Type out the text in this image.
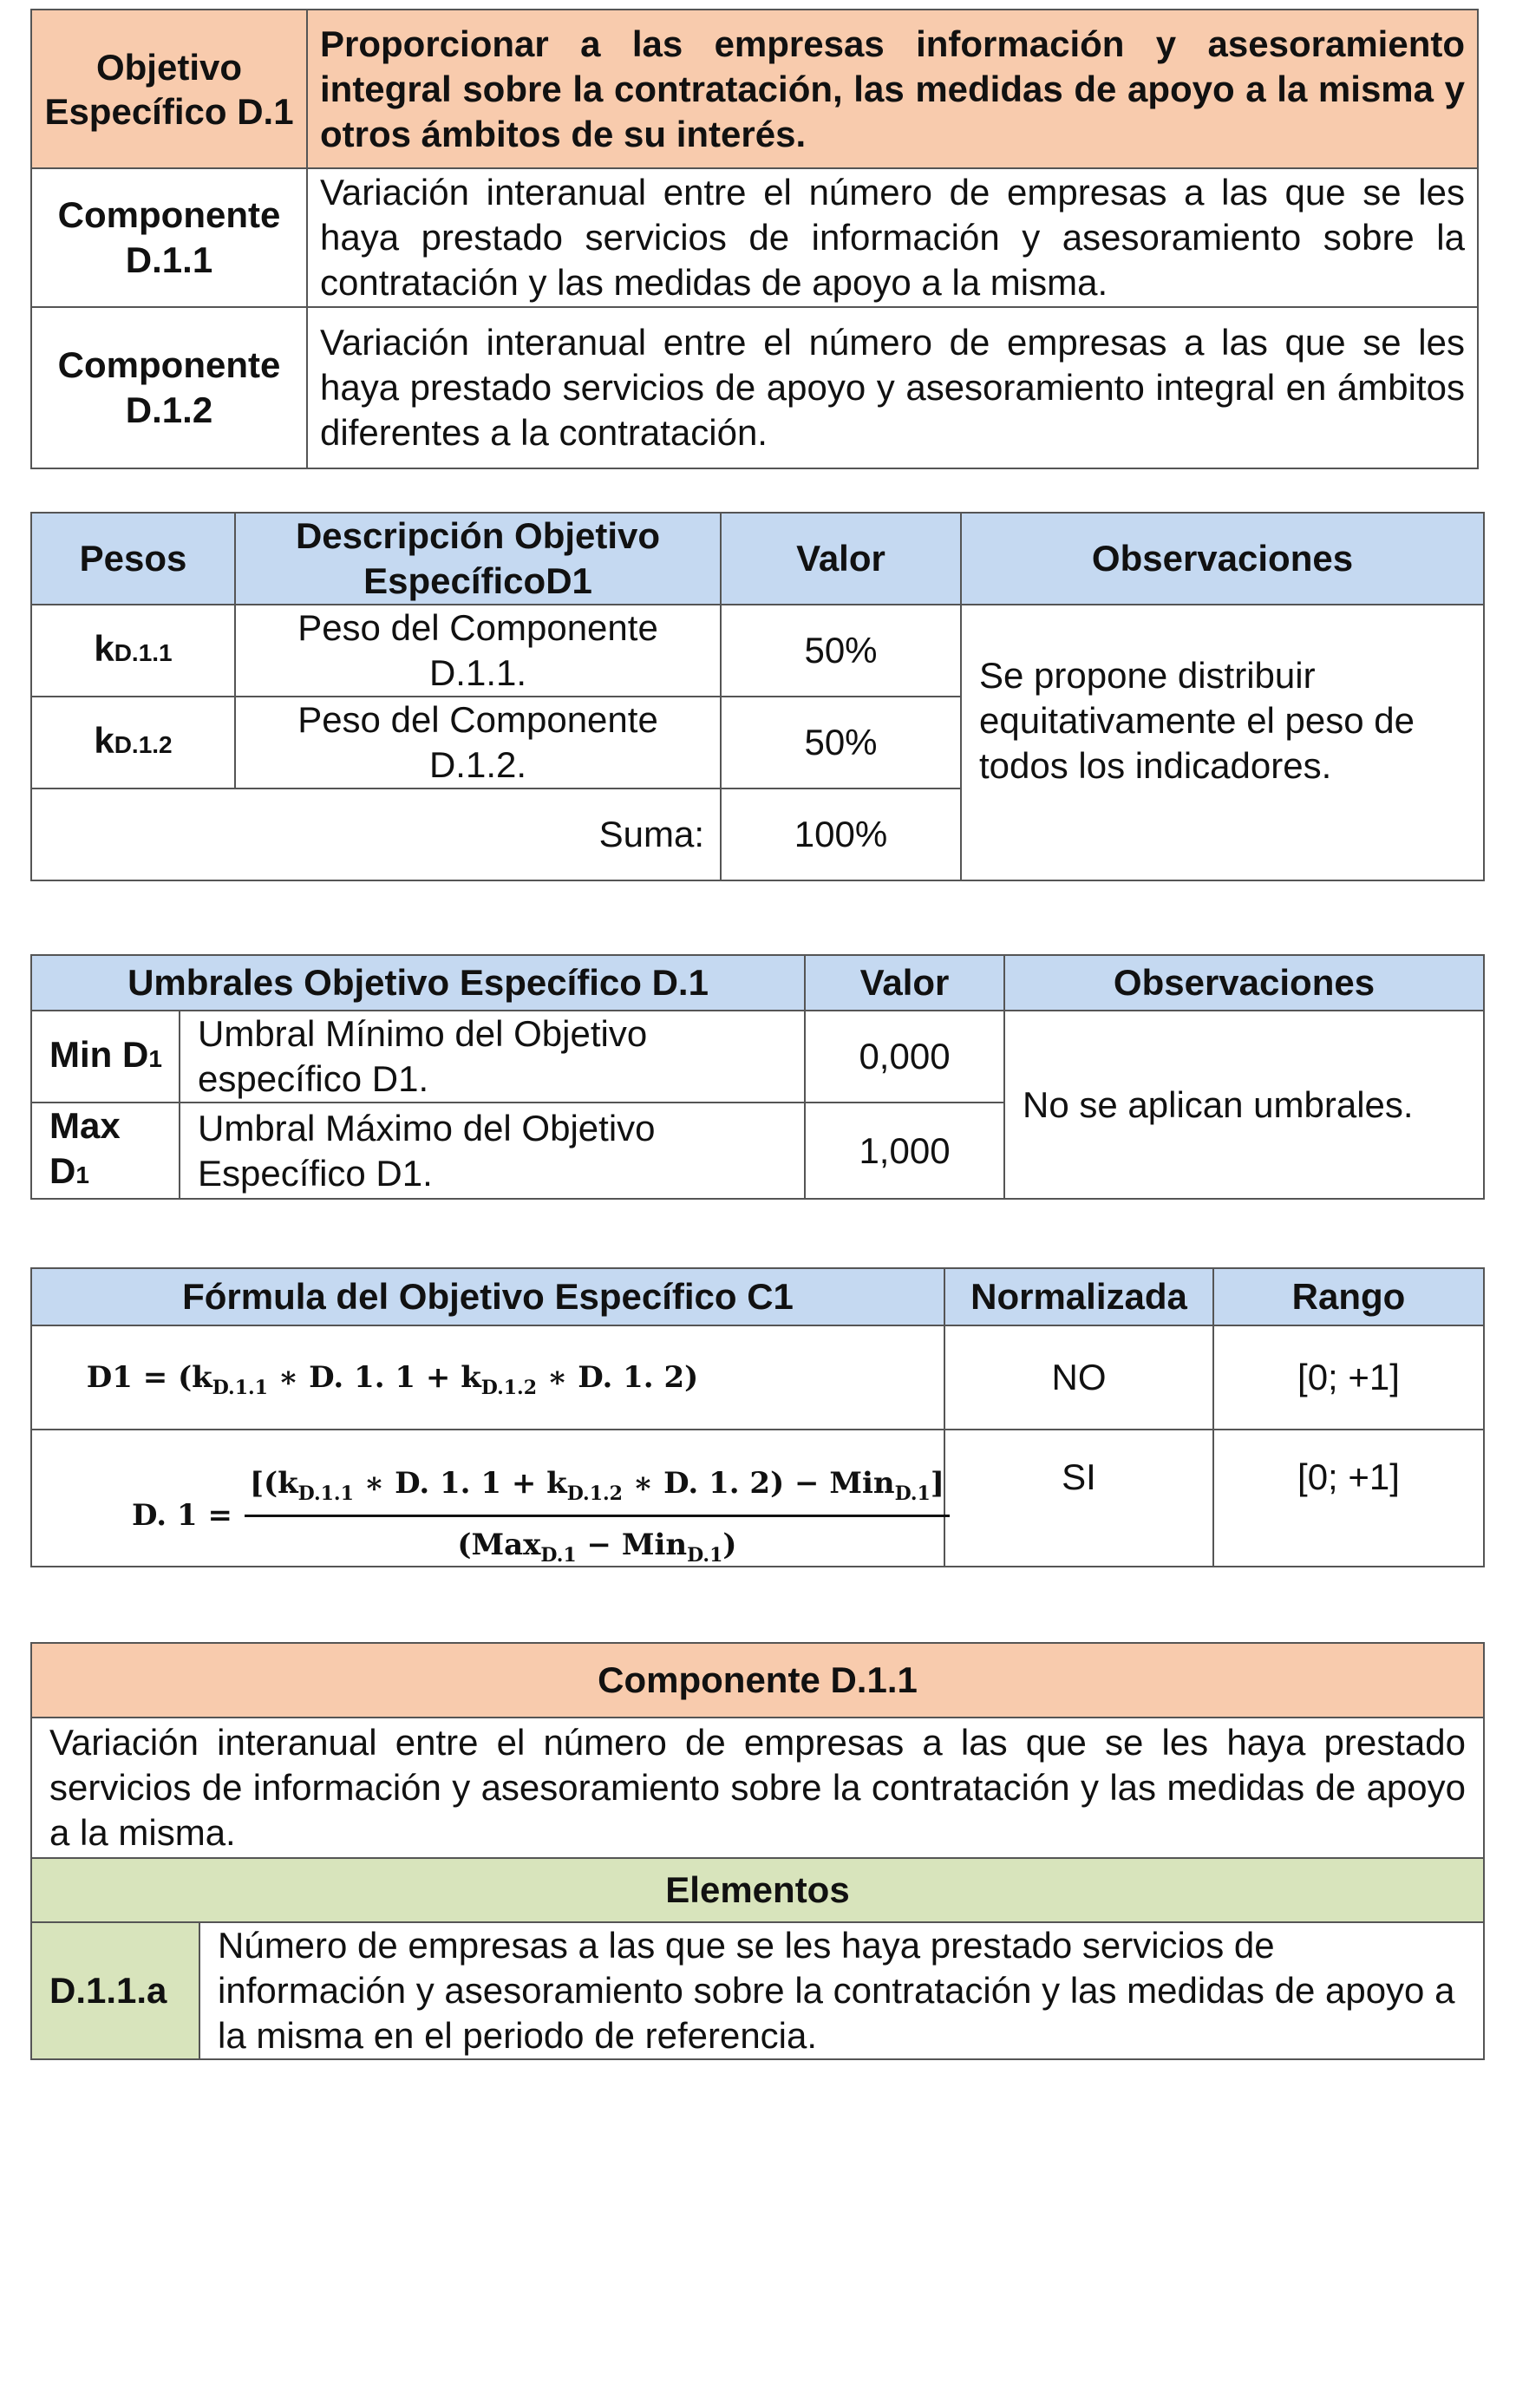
Objetivo Específico D.1	Proporcionar a las empresas información y asesoramiento integral sobre la contratación, las medidas de apoyo a la misma y otros ámbitos de su interés.
Componente D.1.1	Variación interanual entre el número de empresas a las que se les haya prestado servicios de información y asesoramiento sobre la contratación y las medidas de apoyo a la misma.
Componente D.1.2	Variación interanual entre el número de empresas a las que se les haya prestado servicios de apoyo y asesoramiento integral en ámbitos diferentes a la contratación.
Pesos	Descripción Objetivo EspecíficoD1	Valor	Observaciones
kD.1.1	Peso del Componente D.1.1.	50%	Se propone distribuir equitativamente el peso de todos los indicadores.
kD.1.2	Peso del Componente D.1.2.	50%	
Suma:		100%	
Umbrales Objetivo Específico D.1		Valor	Observaciones
Min D1	Umbral Mínimo del Objetivo específico D1.	0,000	No se aplican umbrales.
Max D1	Umbral Máximo del Objetivo Específico D1.	1,000	
Fórmula del Objetivo Específico C1	Normalizada	Rango
$D1 = (k_{D.1.1}$ ∗ D. 1. $1 + k_{D.1.2}$ ∗ D. 1. 2)	NO	[0; +1]

D. $1 = \frac{[(k_{D.1.1} ∗ D. 1. 1 + k_{D.1.2} ∗ D. 1. 2) - Min_{D.1}]}{(Max_{D.1} - Min_{D.1})}$	SI	[0; +1]
Componente D.1.1
Variación interanual entre el número de empresas a las que se les haya prestado servicios de información y asesoramiento sobre la contratación y las medidas de apoyo a la misma.
Elementos
D.1.1.a	Número de empresas a las que se les haya prestado servicios de información y asesoramiento sobre la contratación y las medidas de apoyo a la misma en el periodo de referencia.
